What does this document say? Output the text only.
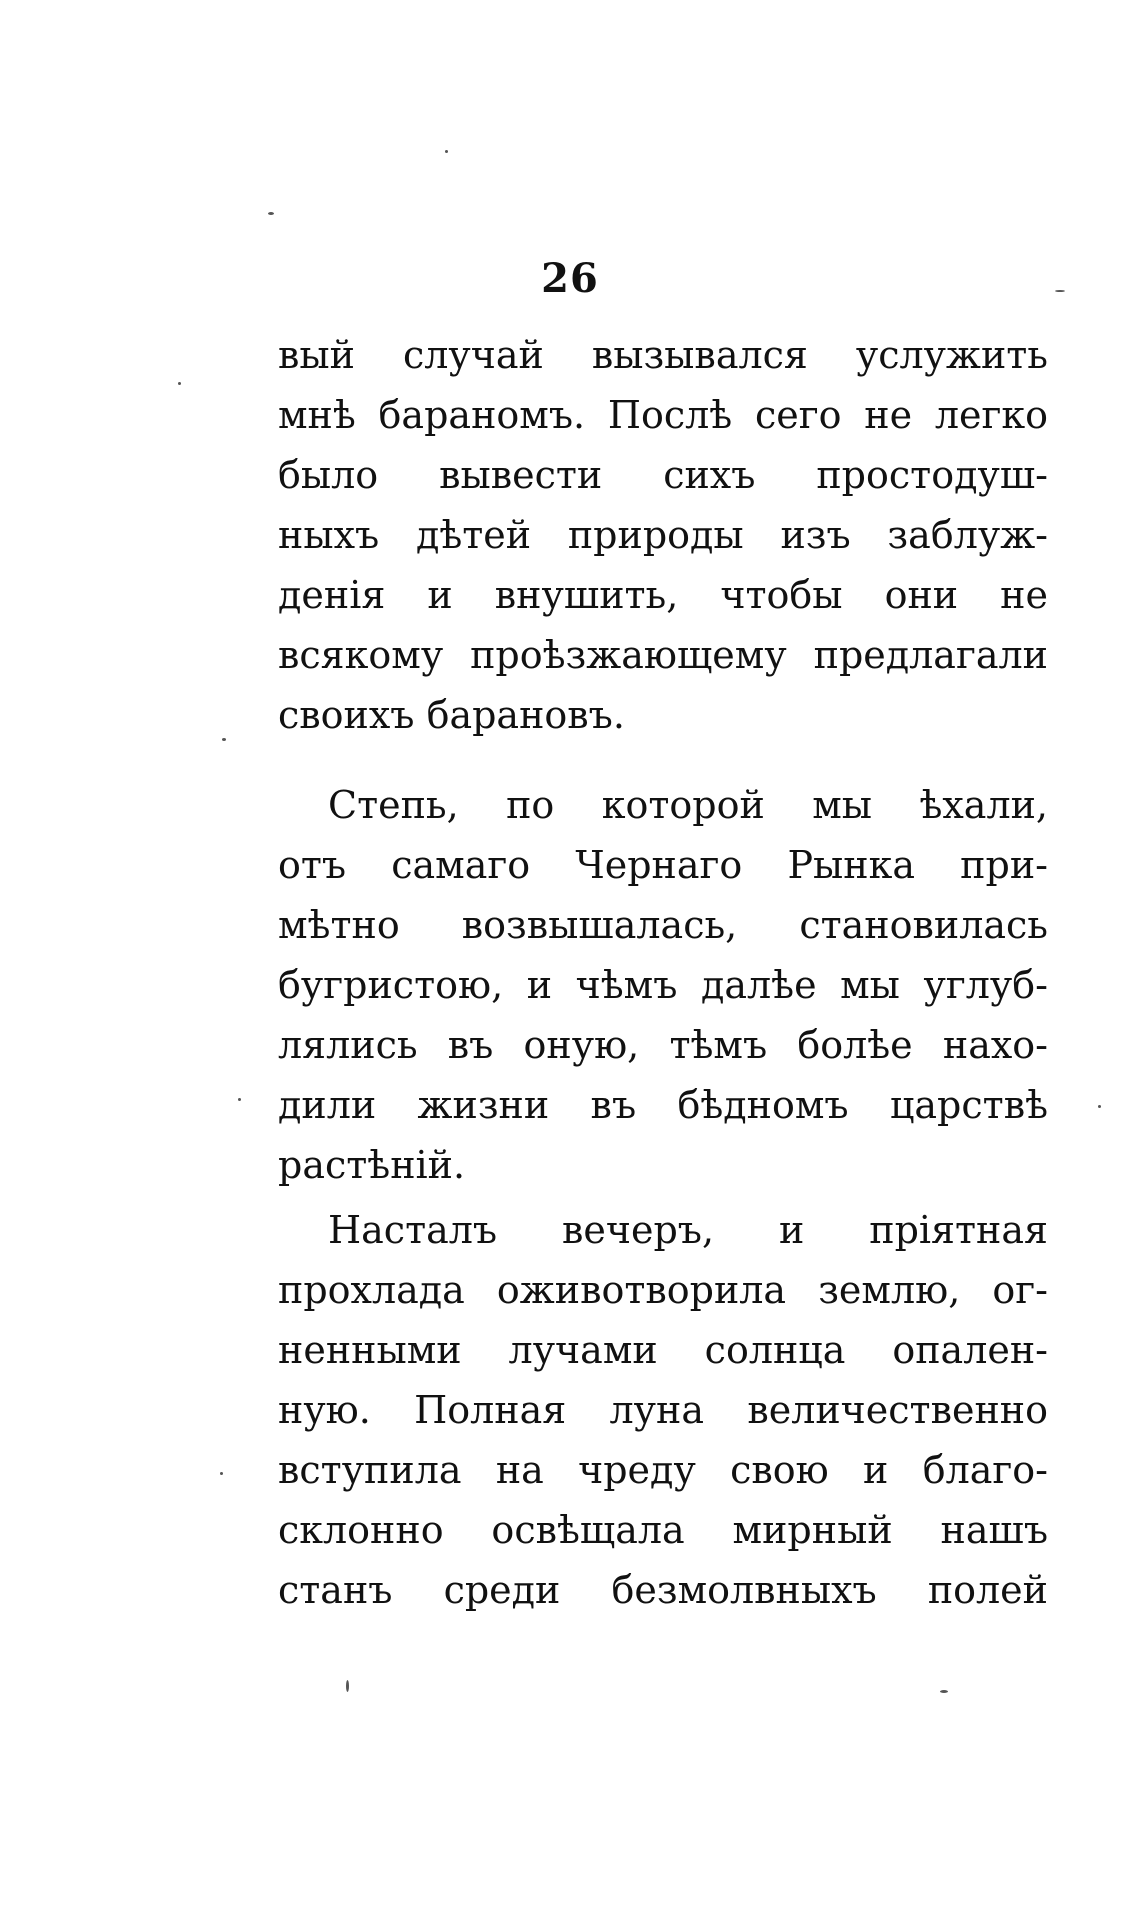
26
вый случай вызывался услужить
мнѣ бараномъ. Послѣ сего не легко
было вывести сихъ простодуш-
ныхъ дѣтей природы изъ заблуж-
денія и внушить, чтобы они не
всякому проѣзжающему предлагали
своихъ барановъ.
Степь, по которой мы ѣхали,
отъ самаго Чернаго Рынка при-
мѣтно возвышалась, становилась
бугристою, и чѣмъ далѣе мы углуб-
лялись въ оную, тѣмъ болѣе нахо-
дили жизни въ бѣдномъ царствѣ
растѣній.
Насталъ вечеръ, и пріятная
прохлада оживотворила землю, ог-
ненными лучами солнца опален-
ную. Полная луна величественно
вступила на чреду свою и благо-
склонно освѣщала мирный нашъ
станъ среди безмолвныхъ полей
